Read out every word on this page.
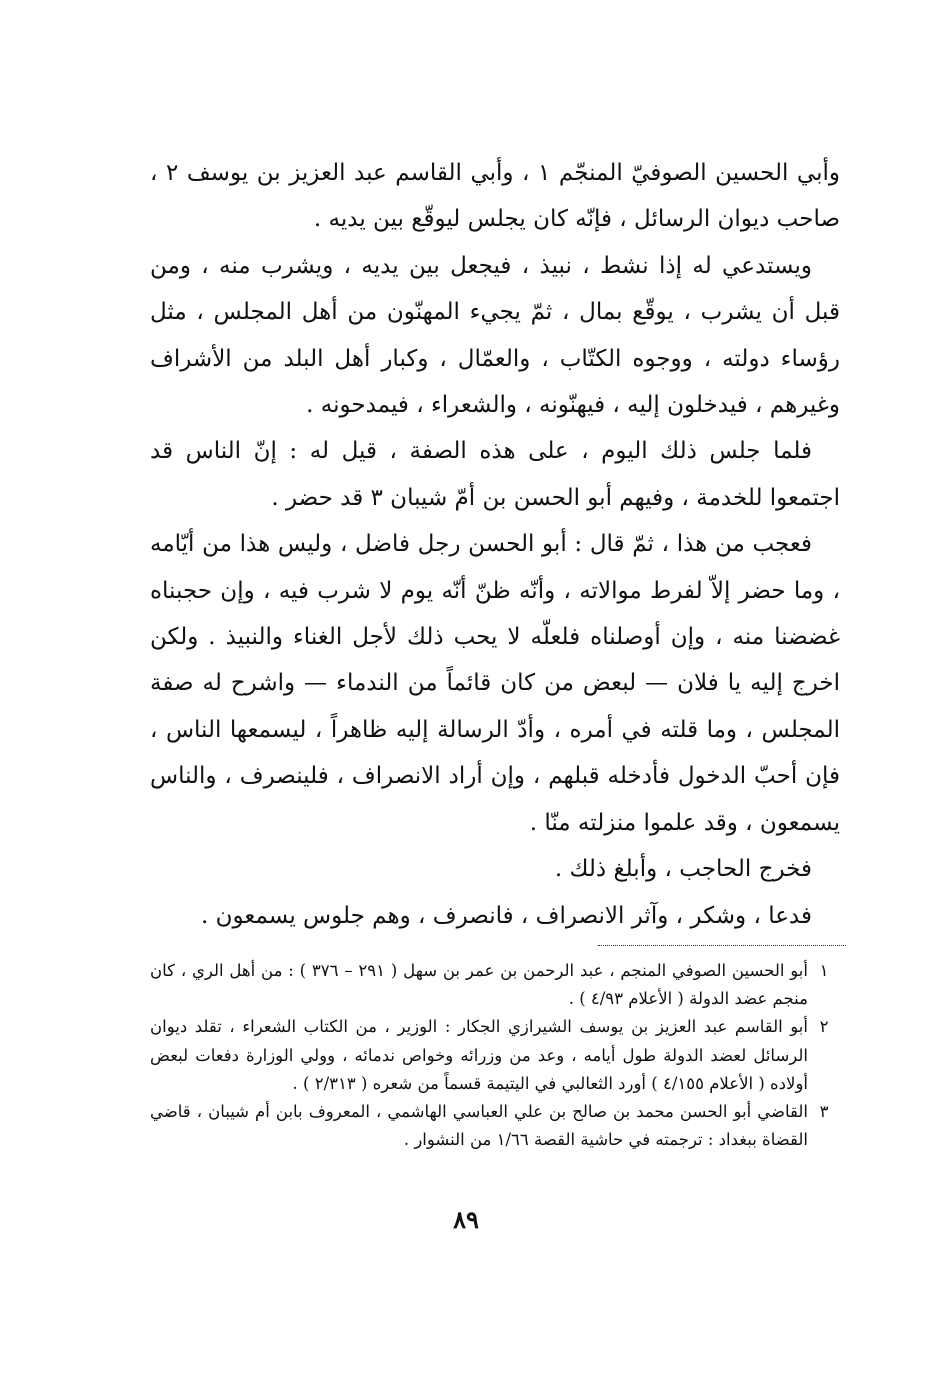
وأبي الحسين الصوفيّ المنجّم ١ ، وأبي القاسم عبد العزيز بن يوسف ٢ ، صاحب ديوان الرسائل ، فإنّه كان يجلس ليوقّع بين يديه .

ويستدعي له إذا نشط ، نبيذ ، فيجعل بين يديه ، ويشرب منه ، ومن قبل أن يشرب ، يوقّع بمال ، ثمّ يجيء المهنّون من أهل المجلس ، مثل رؤساء دولته ، ووجوه الكتّاب ، والعمّال ، وكبار أهل البلد من الأشراف وغيرهم ، فيدخلون إليه ، فيهنّونه ، والشعراء ، فيمدحونه .

فلما جلس ذلك اليوم ، على هذه الصفة ، قيل له : إنّ الناس قد اجتمعوا للخدمة ، وفيهم أبو الحسن بن أمّ شيبان ٣ قد حضر .

فعجب من هذا ، ثمّ قال : أبو الحسن رجل فاضل ، وليس هذا من أيّامه ، وما حضر إلاّ لفرط موالاته ، وأنّه ظنّ أنّه يوم لا شرب فيه ، وإن حجبناه غضضنا منه ، وإن أوصلناه فلعلّه لا يحب ذلك لأجل الغناء والنبيذ . ولكن اخرج إليه يا فلان — لبعض من كان قائماً من الندماء — واشرح له صفة المجلس ، وما قلته في أمره ، وأدّ الرسالة إليه ظاهراً ، ليسمعها الناس ، فإن أحبّ الدخول فأدخله قبلهم ، وإن أراد الانصراف ، فلينصرف ، والناس يسمعون ، وقد علموا منزلته منّا .

فخرج الحاجب ، وأبلغ ذلك .

فدعا ، وشكر ، وآثر الانصراف ، فانصرف ، وهم جلوس يسمعون .

١
أبو الحسين الصوفي المنجم ، عبد الرحمن بن عمر بن سهل ( ٢٩١ – ٣٧٦ ) : من أهل الري ، كان منجم عضد الدولة ( الأعلام ٤/٩٣ ) .
٢
أبو القاسم عبد العزيز بن يوسف الشيرازي الجكار : الوزير ، من الكتاب الشعراء ، تقلد ديوان الرسائل لعضد الدولة طول أيامه ، وعد من وزرائه وخواص ندمائه ، وولي الوزارة دفعات لبعض أولاده ( الأعلام ٤/١٥٥ ) أورد الثعالبي في اليتيمة قسماً من شعره ( ٢/٣١٣ ) .
٣
القاضي أبو الحسن محمد بن صالح بن علي العباسي الهاشمي ، المعروف بابن أم شيبان ، قاضي القضاة ببغداد : ترجمته في حاشية القصة ١/٦٦ من النشوار .
٨٩
